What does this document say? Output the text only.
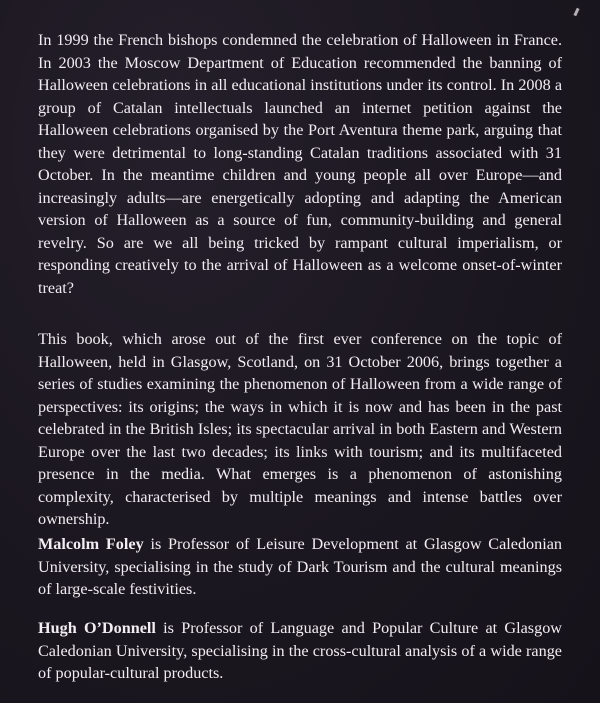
In 1999 the French bishops condemned the celebration of Halloween in France. In 2003 the Moscow Department of Education recommended the banning of Halloween celebrations in all educational institutions under its control. In 2008 a group of Catalan intellectuals launched an internet petition against the Halloween celebrations organised by the Port Aventura theme park, arguing that they were detrimental to long-standing Catalan traditions associated with 31 October. In the meantime children and young people all over Europe—and increasingly adults—are energetically adopting and adapting the American version of Halloween as a source of fun, community-building and general revelry. So are we all being tricked by rampant cultural imperialism, or responding creatively to the arrival of Halloween as a welcome onset-of-winter treat?

This book, which arose out of the first ever conference on the topic of Halloween, held in Glasgow, Scotland, on 31 October 2006, brings together a series of studies examining the phenomenon of Halloween from a wide range of perspectives: its origins; the ways in which it is now and has been in the past celebrated in the British Isles; its spectacular arrival in both Eastern and Western Europe over the last two decades; its links with tourism; and its multifaceted presence in the media. What emerges is a phenomenon of astonishing complexity, characterised by multiple meanings and intense battles over ownership.

Malcolm Foley is Professor of Leisure Development at Glasgow Caledonian University, specialising in the study of Dark Tourism and the cultural meanings of large-scale festivities.

Hugh O’Donnell is Professor of Language and Popular Culture at Glasgow Caledonian University, specialising in the cross-cultural analysis of a wide range of popular-cultural products.
